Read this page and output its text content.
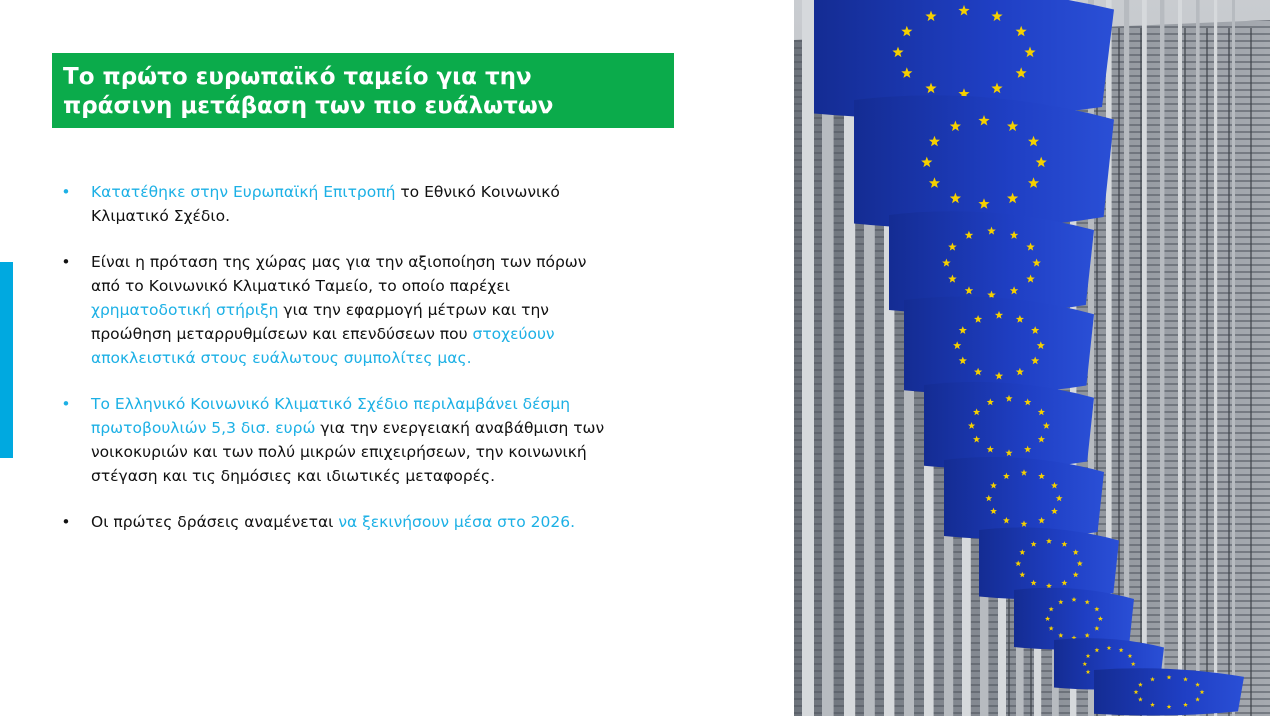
Το πρώτο ευρωπαϊκό ταμείο για την
πράσινη μετάβαση των πιο ευάλωτων
• Κατατέθηκε στην Ευρωπαϊκή Επιτροπή το Εθνικό Κοινωνικό
Κλιματικό Σχέδιο.
• Είναι η πρόταση της χώρας μας για την αξιοποίηση των πόρων
από το Κοινωνικό Κλιματικό Ταμείο, το οποίο παρέχει
χρηματοδοτική στήριξη για την εφαρμογή μέτρων και την
προώθηση μεταρρυθμίσεων και επενδύσεων που στοχεύουν
αποκλειστικά στους ευάλωτους συμπολίτες μας.
• Το Ελληνικό Κοινωνικό Κλιματικό Σχέδιο περιλαμβάνει δέσμη
πρωτοβουλιών 5,3 δισ. ευρώ για την ενεργειακή αναβάθμιση των
νοικοκυριών και των πολύ μικρών επιχειρήσεων, την κοινωνική
στέγαση και τις δημόσιες και ιδιωτικές μεταφορές.
• Οι πρώτες δράσεις αναμένεται να ξεκινήσουν μέσα στο 2026.
